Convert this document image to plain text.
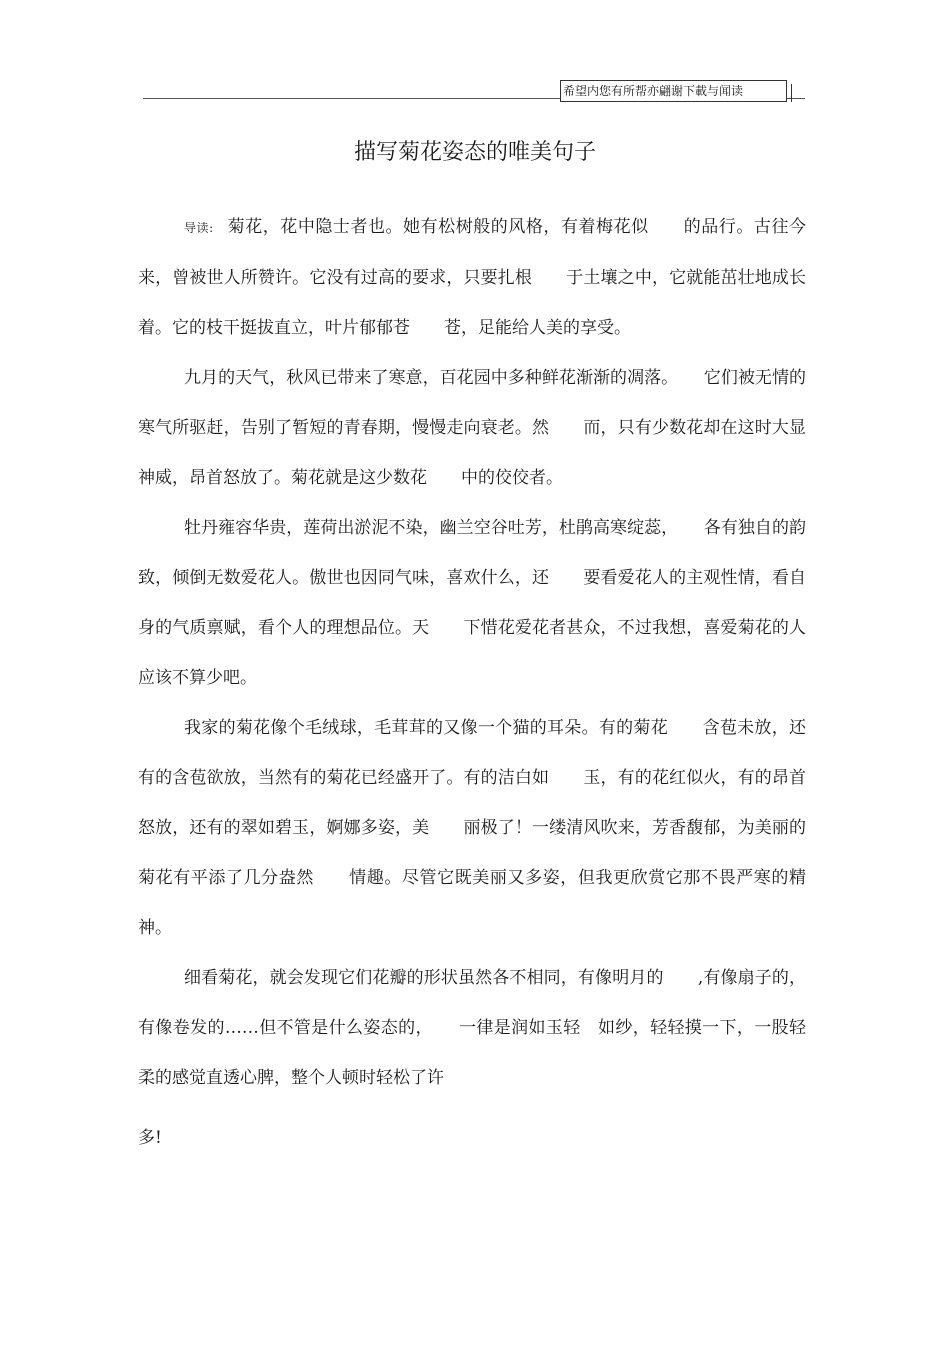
希望内您有所帮亦翩谢下載与闻读
描写菊花姿态的唯美句子

导读: 菊花，花中隐士者也。她有松树般的风格，有着梅花似　　的品行。古往今来，曾被世人所赞许。它没有过高的要求，只要扎根　　于土壤之中，它就能茁壮地成长着。它的枝干挺拔直立，叶片郁郁苍　　苍，足能给人美的享受。

九月的天气，秋风已带来了寒意，百花园中多种鲜花渐渐的凋落。　　它们被无情的寒气所驱赶，告别了暂短的青春期，慢慢走向衰老。然　　而，只有少数花却在这时大显神威，昂首怒放了。菊花就是这少数花　　中的佼佼者。

牡丹雍容华贵，莲荷出淤泥不染，幽兰空谷吐芳，杜鹃高寒绽蕊，　　各有独自的韵致，倾倒无数爱花人。傲世也因同气味，喜欢什么，还　　要看爱花人的主观性情，看自身的气质禀赋，看个人的理想品位。天　　下惜花爱花者甚众，不过我想，喜爱菊花的人应该不算少吧。

我家的菊花像个毛绒球，毛茸茸的又像一个猫的耳朵。有的菊花　　含苞未放，还有的含苞欲放，当然有的菊花已经盛开了。有的洁白如　　玉，有的花红似火，有的昂首怒放，还有的翠如碧玉，婀娜多姿，美　　丽极了！一缕清风吹来，芳香馥郁，为美丽的菊花有平添了几分盎然　　情趣。尽管它既美丽又多姿，但我更欣赏它那不畏严寒的精神。

细看菊花，就会发现它们花瓣的形状虽然各不相同，有像明月的　　,有像扇子的，有像卷发的……但不管是什么姿态的，　　一律是润如玉轻　如纱，轻轻摸一下，一股轻柔的感觉直透心脾，整个人顿时轻松了许

多!
